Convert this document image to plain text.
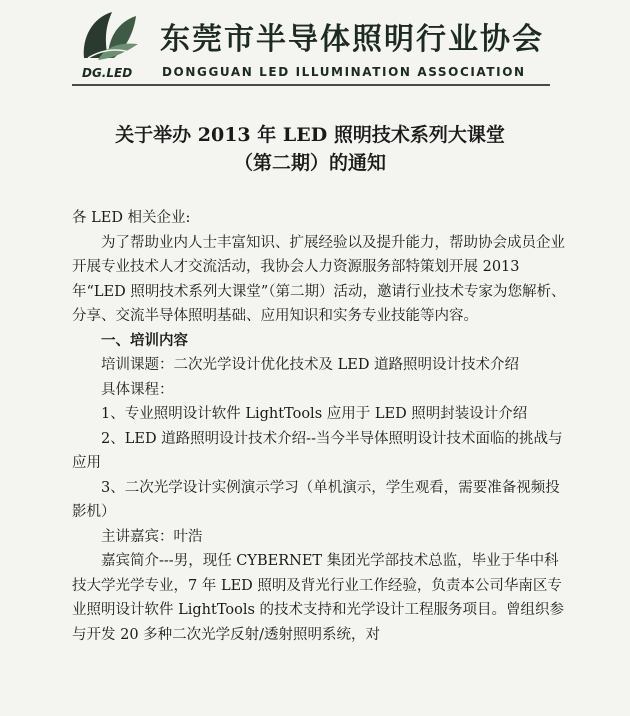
东莞市半导体照明行业协会
DG.LED DONGGUAN LED ILLUMINATION ASSOCIATION
关于举办 2013 年 LED 照明技术系列大课堂
（第二期）的通知

各 LED 相关企业:

为了帮助业内人士丰富知识、扩展经验以及提升能力，帮助协会成员企业开展专业技术人才交流活动，我协会人力资源服务部特策划开展 2013 年“LED 照明技术系列大课堂”（第二期）活动，邀请行业技术专家为您解析、分享、交流半导体照明基础、应用知识和实务专业技能等内容。

一、培训内容

培训课题：二次光学设计优化技术及 LED 道路照明设计技术介绍

具体课程：

1、专业照明设计软件 LightTools 应用于 LED 照明封装设计介绍

2、LED 道路照明设计技术介绍--当今半导体照明设计技术面临的挑战与应用

3、二次光学设计实例演示学习（单机演示，学生观看，需要准备视频投影机）

主讲嘉宾：叶浩

嘉宾简介---男，现任 CYBERNET 集团光学部技术总监，毕业于华中科技大学光学专业，7 年 LED 照明及背光行业工作经验，负责本公司华南区专业照明设计软件 LightTools 的技术支持和光学设计工程服务项目。曾组织参与开发 20 多种二次光学反射/透射照明系统，对
